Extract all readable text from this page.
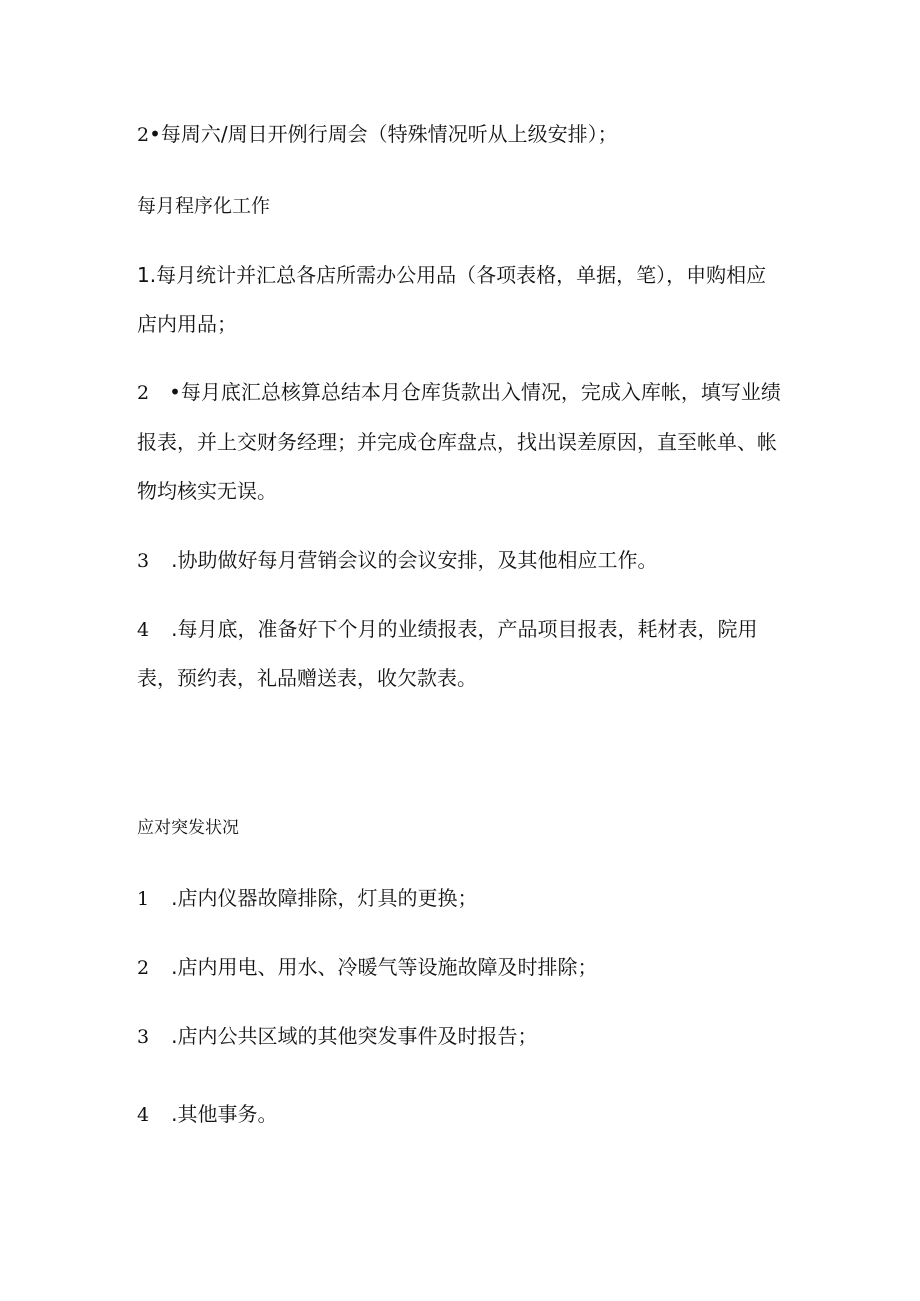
2•每周六/周日开例行周会（特殊情况听从上级安排）；

每月程序化工作

1.每月统计并汇总各店所需办公用品（各项表格，单据，笔），申购相应

店内用品；

2 •每月底汇总核算总结本月仓库货款出入情况，完成入库帐，填写业绩

报表，并上交财务经理；并完成仓库盘点，找出误差原因，直至帐单、帐

物均核实无误。

3 .协助做好每月营销会议的会议安排，及其他相应工作。

4 .每月底，准备好下个月的业绩报表，产品项目报表，耗材表，院用

表，预约表，礼品赠送表，收欠款表。

应对突发状况

1 .店内仪器故障排除，灯具的更换；

2 .店内用电、用水、冷暖气等设施故障及时排除；

3 .店内公共区域的其他突发事件及时报告；

4 .其他事务。
